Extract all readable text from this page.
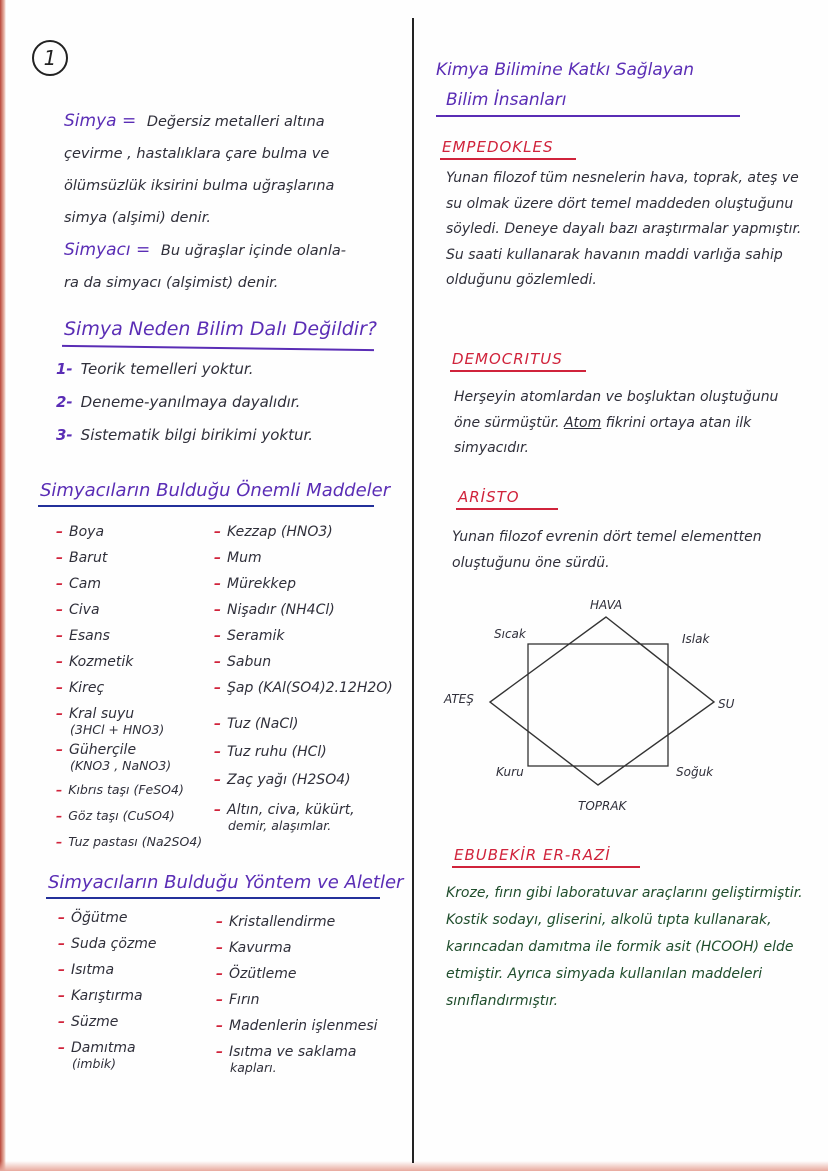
1
Simya = Değersiz metalleri altına
çevirme , hastalıklara çare bulma ve
ölümsüzlük iksirini bulma uğraşlarına
simya (alşimi) denir.
Simyacı = Bu uğraşlar içinde olanla-
ra da simyacı (alşimist) denir.
Simya Neden Bilim Dalı Değildir?
1- Teorik temelleri yoktur.
2- Deneme-yanılmaya dayalıdır.
3- Sistematik bilgi birikimi yoktur.
Simyacıların Bulduğu Önemli Maddeler
– Boya
– Barut
– Cam
– Civa
– Esans
– Kozmetik
– Kireç
– Kral suyu
(3HCl + HNO3)
– Güherçile
(KNO3 , NaNO3)
– Kıbrıs taşı (FeSO4)
– Göz taşı (CuSO4)
– Tuz pastası (Na2SO4)
– Kezzap (HNO3)
– Mum
– Mürekkep
– Nişadır (NH4Cl)
– Seramik
– Sabun
– Şap (KAl(SO4)2.12H2O)
– Tuz (NaCl)
– Tuz ruhu (HCl)
– Zaç yağı (H2SO4)
– Altın, civa, kükürt,
demir, alaşımlar.
Simyacıların Bulduğu Yöntem ve Aletler
– Öğütme
– Suda çözme
– Isıtma
– Karıştırma
– Süzme
– Damıtma
(imbik)
– Kristallendirme
– Kavurma
– Özütleme
– Fırın
– Madenlerin işlenmesi
– Isıtma ve saklama
kapları.
Kimya Bilimine Katkı Sağlayan
Bilim İnsanları
EMPEDOKLES
Yunan filozof tüm nesnelerin hava, toprak, ateş ve su olmak üzere dört temel maddeden oluştuğunu söyledi. Deneye dayalı bazı araştırmalar yapmıştır. Su saati kullanarak havanın maddi varlığa sahip olduğunu gözlemledi.
DEMOCRITUS
Herşeyin atomlardan ve boşluktan oluştuğunu öne sürmüştür. Atom fikrini ortaya atan ilk simyacıdır.
ARİSTO
Yunan filozof evrenin dört temel elementten oluştuğunu öne sürdü.
HAVA
SU
TOPRAK
ATEŞ
Sıcak	Islak
Soğuk
Kuru
EBUBEKİR ER-RAZİ
Kroze, fırın gibi laboratuvar araçlarını geliştirmiştir. Kostik sodayı, gliserini, alkolü tıpta kullanarak, karıncadan damıtma ile formik asit (HCOOH) elde etmiştir. Ayrıca simyada kullanılan maddeleri sınıflandırmıştır.
